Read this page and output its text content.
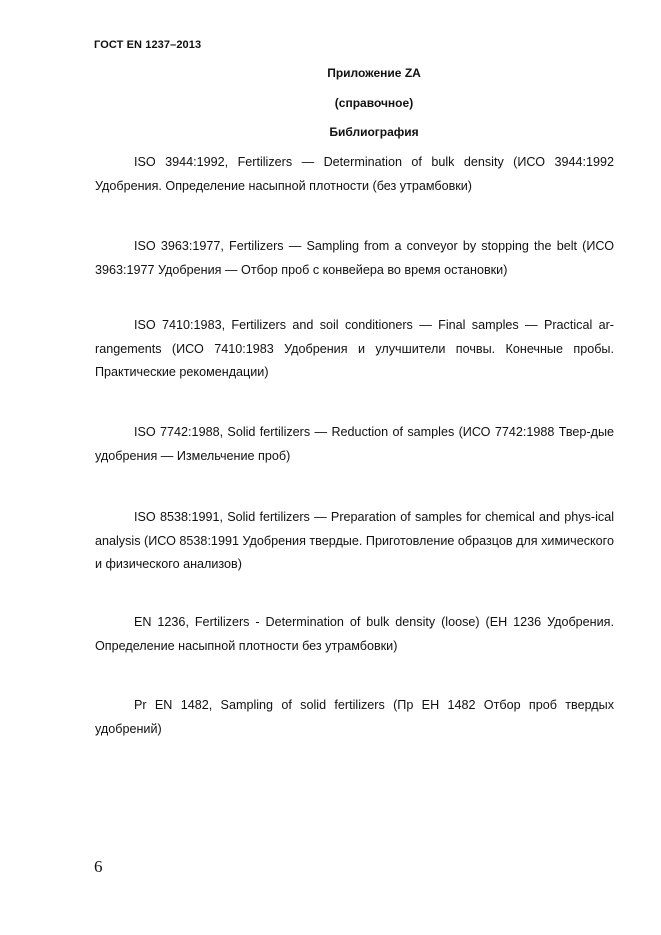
ГОСТ EN 1237–2013
Приложение ZA
(справочное)
Библиография

ISO 3944:1992, Fertilizers — Determination of bulk density (ИСО 3944:1992 Удобрения. Определение насыпной плотности (без утрамбовки)

ISO 3963:1977, Fertilizers — Sampling from a conveyor by stopping the belt (ИСО 3963:1977 Удобрения — Отбор проб с конвейера во время остановки)

ISO 7410:1983, Fertilizers and soil conditioners — Final samples — Practical ar-rangements (ИСО 7410:1983 Удобрения и улучшители почвы. Конечные пробы. Практические рекомендации)

ISO 7742:1988, Solid fertilizers — Reduction of samples (ИСО 7742:1988 Твер-дые удобрения — Измельчение проб)

ISO 8538:1991, Solid fertilizers — Preparation of samples for chemical and phys-ical analysis (ИСО 8538:1991 Удобрения твердые. Приготовление образцов для химического и физического анализов)

EN 1236, Fertilizers - Determination of bulk density (loose) (ЕН 1236 Удобрения. Определение насыпной плотности без утрамбовки)

Pr EN 1482, Sampling of solid fertilizers (Пр ЕН 1482 Отбор проб твердых удобрений)

6
